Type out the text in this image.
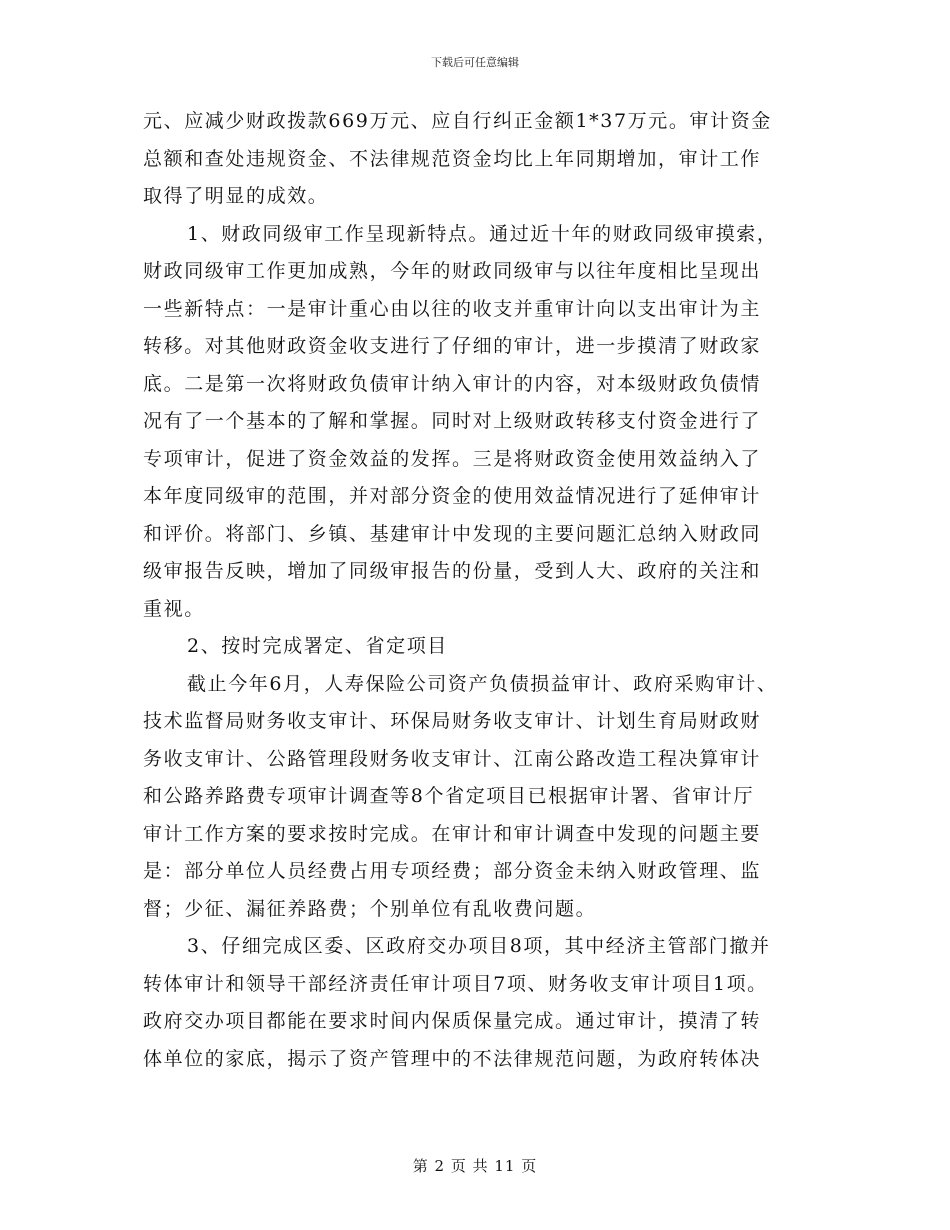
下载后可任意编辑
元、应减少财政拨款669万元、应自行纠正金额1*37万元。审计资金
总额和查处违规资金、不法律规范资金均比上年同期增加，审计工作
取得了明显的成效。
1、财政同级审工作呈现新特点。通过近十年的财政同级审摸索，
财政同级审工作更加成熟，今年的财政同级审与以往年度相比呈现出
一些新特点：一是审计重心由以往的收支并重审计向以支出审计为主
转移。对其他财政资金收支进行了仔细的审计，进一步摸清了财政家
底。二是第一次将财政负债审计纳入审计的内容，对本级财政负债情
况有了一个基本的了解和掌握。同时对上级财政转移支付资金进行了
专项审计，促进了资金效益的发挥。三是将财政资金使用效益纳入了
本年度同级审的范围，并对部分资金的使用效益情况进行了延伸审计
和评价。将部门、乡镇、基建审计中发现的主要问题汇总纳入财政同
级审报告反映，增加了同级审报告的份量，受到人大、政府的关注和
重视。
2、按时完成署定、省定项目
截止今年6月，人寿保险公司资产负债损益审计、政府采购审计、
技术监督局财务收支审计、环保局财务收支审计、计划生育局财政财
务收支审计、公路管理段财务收支审计、江南公路改造工程决算审计
和公路养路费专项审计调查等8个省定项目已根据审计署、省审计厅
审计工作方案的要求按时完成。在审计和审计调查中发现的问题主要
是：部分单位人员经费占用专项经费；部分资金未纳入财政管理、监
督；少征、漏征养路费；个别单位有乱收费问题。
3、仔细完成区委、区政府交办项目8项，其中经济主管部门撤并
转体审计和领导干部经济责任审计项目7项、财务收支审计项目1项。
政府交办项目都能在要求时间内保质保量完成。通过审计，摸清了转
体单位的家底，揭示了资产管理中的不法律规范问题，为政府转体决
第 2 页 共 11 页
